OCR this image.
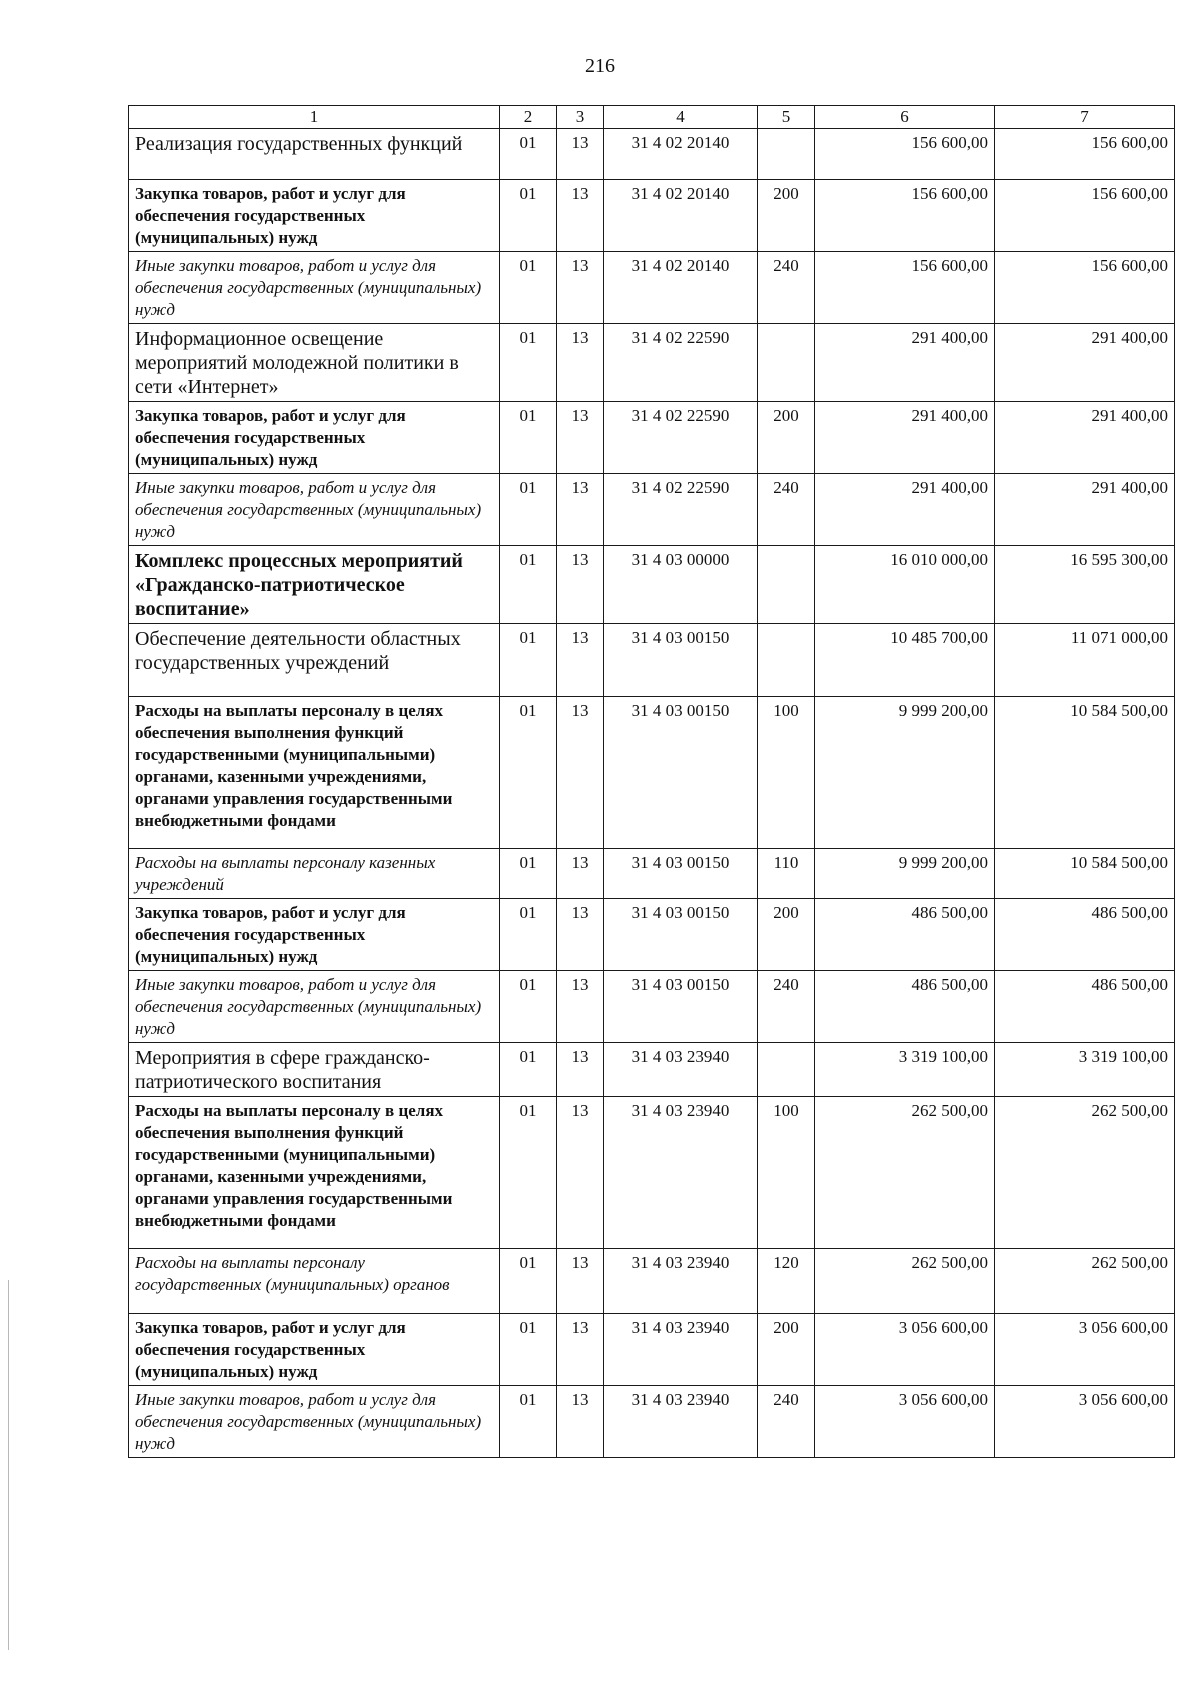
216
1	2	3	4	5	6	7
Реализация государственных функций	01	13	31 4 02 20140		156 600,00	156 600,00
Закупка товаров, работ и услуг для обеспечения государственных (муниципальных) нужд	01	13	31 4 02 20140	200	156 600,00	156 600,00
Иные закупки товаров, работ и услуг для обеспечения государственных (муниципальных) нужд	01	13	31 4 02 20140	240	156 600,00	156 600,00
Информационное освещение мероприятий молодежной политики в сети «Интернет»	01	13	31 4 02 22590		291 400,00	291 400,00
Закупка товаров, работ и услуг для обеспечения государственных (муниципальных) нужд	01	13	31 4 02 22590	200	291 400,00	291 400,00
Иные закупки товаров, работ и услуг для обеспечения государственных (муниципальных) нужд	01	13	31 4 02 22590	240	291 400,00	291 400,00
Комплекс процессных мероприятий «Гражданско-патриотическое воспитание»	01	13	31 4 03 00000		16 010 000,00	16 595 300,00
Обеспечение деятельности областных государственных учреждений	01	13	31 4 03 00150		10 485 700,00	11 071 000,00
Расходы на выплаты персоналу в целях обеспечения выполнения функций государственными (муниципальными) органами, казенными учреждениями, органами управления государственными внебюджетными фондами	01	13	31 4 03 00150	100	9 999 200,00	10 584 500,00
Расходы на выплаты персоналу казенных учреждений	01	13	31 4 03 00150	110	9 999 200,00	10 584 500,00
Закупка товаров, работ и услуг для обеспечения государственных (муниципальных) нужд	01	13	31 4 03 00150	200	486 500,00	486 500,00
Иные закупки товаров, работ и услуг для обеспечения государственных (муниципальных) нужд	01	13	31 4 03 00150	240	486 500,00	486 500,00
Мероприятия в сфере гражданско-патриотического воспитания	01	13	31 4 03 23940		3 319 100,00	3 319 100,00
Расходы на выплаты персоналу в целях обеспечения выполнения функций государственными (муниципальными) органами, казенными учреждениями, органами управления государственными внебюджетными фондами	01	13	31 4 03 23940	100	262 500,00	262 500,00
Расходы на выплаты персоналу государственных (муниципальных) органов	01	13	31 4 03 23940	120	262 500,00	262 500,00
Закупка товаров, работ и услуг для обеспечения государственных (муниципальных) нужд	01	13	31 4 03 23940	200	3 056 600,00	3 056 600,00
Иные закупки товаров, работ и услуг для обеспечения государственных (муниципальных) нужд	01	13	31 4 03 23940	240	3 056 600,00	3 056 600,00
